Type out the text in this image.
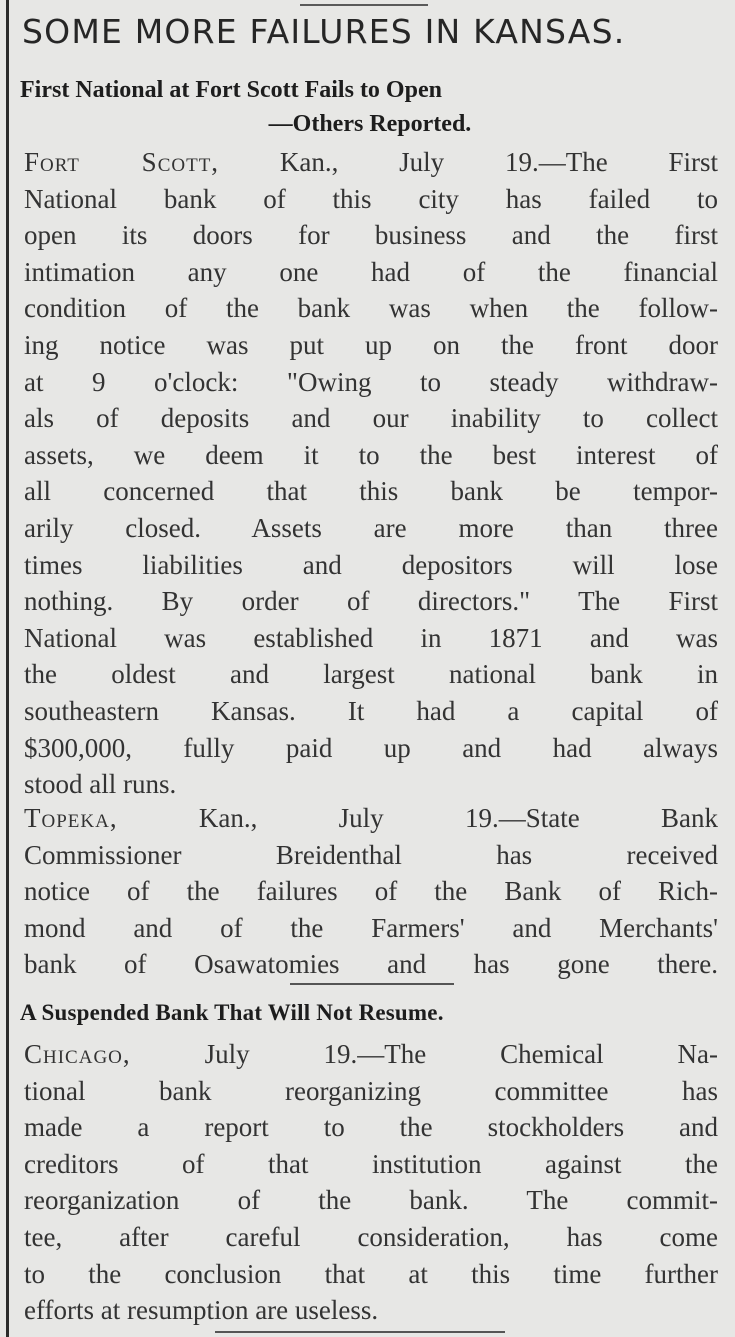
SOME MORE FAILURES IN KANSAS.
First National at Fort Scott Fails to Open
—Others Reported.
Fort Scott, Kan., July 19.—The First
National bank of this city has failed to
open its doors for business and the first
intimation any one had of the financial
condition of the bank was when the follow-
ing notice was put up on the front door
at 9 o'clock: "Owing to steady withdraw-
als of deposits and our inability to collect
assets, we deem it to the best interest of
all concerned that this bank be tempor-
arily closed. Assets are more than three
times liabilities and depositors will lose
nothing. By order of directors." The First
National was established in 1871 and was
the oldest and largest national bank in
southeastern Kansas. It had a capital of
$300,000, fully paid up and had always
stood all runs.
Topeka, Kan., July 19.—State Bank
Commissioner Breidenthal has received
notice of the failures of the Bank of Rich-
mond and of the Farmers' and Merchants'
bank of Osawatomies and has gone there.
A Suspended Bank That Will Not Resume.
Chicago, July 19.—The Chemical Na-
tional bank reorganizing committee has
made a report to the stockholders and
creditors of that institution against the
reorganization of the bank. The commit-
tee, after careful consideration, has come
to the conclusion that at this time further
efforts at resumption are useless.
